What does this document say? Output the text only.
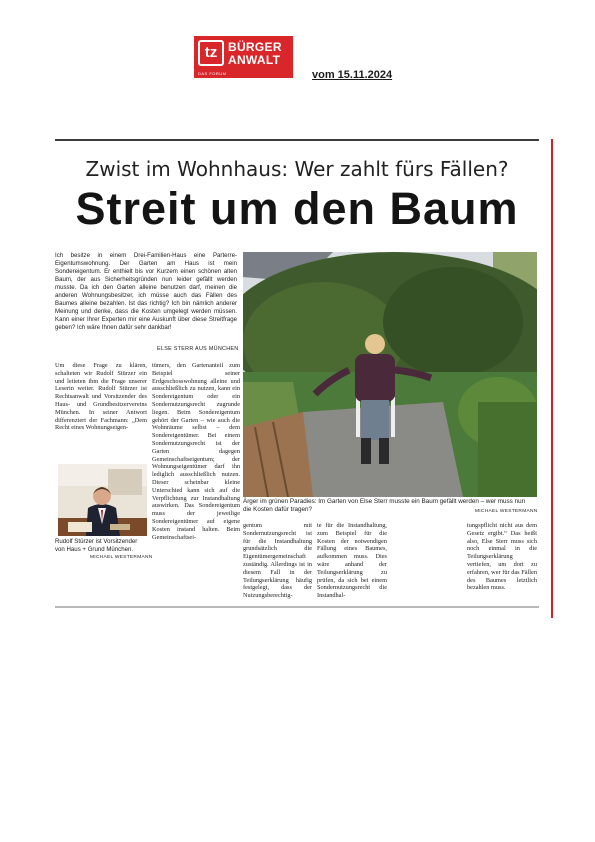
tz BÜRGER
ANWALT
DAS FORUM	vom 15.11.2024
Zwist im Wohnhaus: Wer zahlt fürs Fällen?
Streit um den Baum
Ich besitze in einem Drei-Familien-Haus eine Parterre-Eigentumswohnung. Der Garten am Haus ist mein Sondereigentum. Er enthielt bis vor Kurzem einen schönen alten Baum, der aus Sicherheitsgründen nun leider gefällt werden musste. Da ich den Garten alleine benutzen darf, meinen die anderen Wohnungsbesitzer, ich müsse auch das Fällen des Baumes alleine bezahlen. Ist das richtig? Ich bin nämlich anderer Meinung und denke, dass die Kosten umgelegt werden müssen. Kann einer Ihrer Experten mir eine Auskunft über diese Streitfrage geben? Ich wäre Ihnen dafür sehr dankbar!
ELSE STERR AUS MÜNCHEN
Um diese Frage zu klären, schalteten wir Rudolf Stürzer ein und leiteten ihm die Frage unserer Leserin weiter. Rudolf Stürzer ist Rechtsanwalt und Vorsitzender des Haus- und Grundbesitzervereins München. In seiner Antwort differenziert der Fachmann: „Dem Recht eines Wohnungseigen-
tümers, den Gartenanteil zum Beispiel seiner Erdgeschosswohnung alleine und ausschließlich zu nutzen, kann ein Sondereigentum oder ein Sondernutzungsrecht zugrunde liegen. Beim Sondereigentum gehört der Garten – wie auch die Wohnräume selbst – dem Sondereigentümer. Bei einem Sondernutzungsrecht ist der Garten dagegen Gemeinschaftseigentum; der Wohnungseigentümer darf ihn lediglich ausschließlich nutzen. Dieser scheinbar kleine Unterschied kann sich auf die Verpflichtung zur Instandhaltung auswirken. Das Sondereigentum muss der jeweilige Sondereigentümer auf eigene Kosten instand halten. Beim Gemeinschaftsei-
Rudolf Stürzer ist Vorsitzender von Haus + Grund München.
MICHAEL WESTERMANN
Ärger im grünen Paradies: Im Garten von Else Sterr musste ein Baum gefällt werden – wer muss nun die Kosten dafür tragen?	MICHAEL WESTERMANN
gentum mit Sondernutzungsrecht ist für die Instandhaltung grundsätzlich die Eigentümergemeinschaft zuständig. Allerdings ist in diesem Fall in der Teilungserklärung häufig festgelegt, dass der Nutzungsberechtig-
te für die Instandhaltung, zum Beispiel für die Kosten der notwendigen Fällung eines Baumes, aufkommen muss. Dies wäre anhand der Teilungserklärung zu prüfen, da sich bei einem Sondernutzungsrecht die Instandhal-
tungspflicht nicht aus dem Gesetz ergibt.“ Das heißt also, Else Sterr muss sich noch einmal in die Teilungserklärung vertiefen, um dort zu erfahren, wer für das Fällen des Baumes letztlich bezahlen muss.
